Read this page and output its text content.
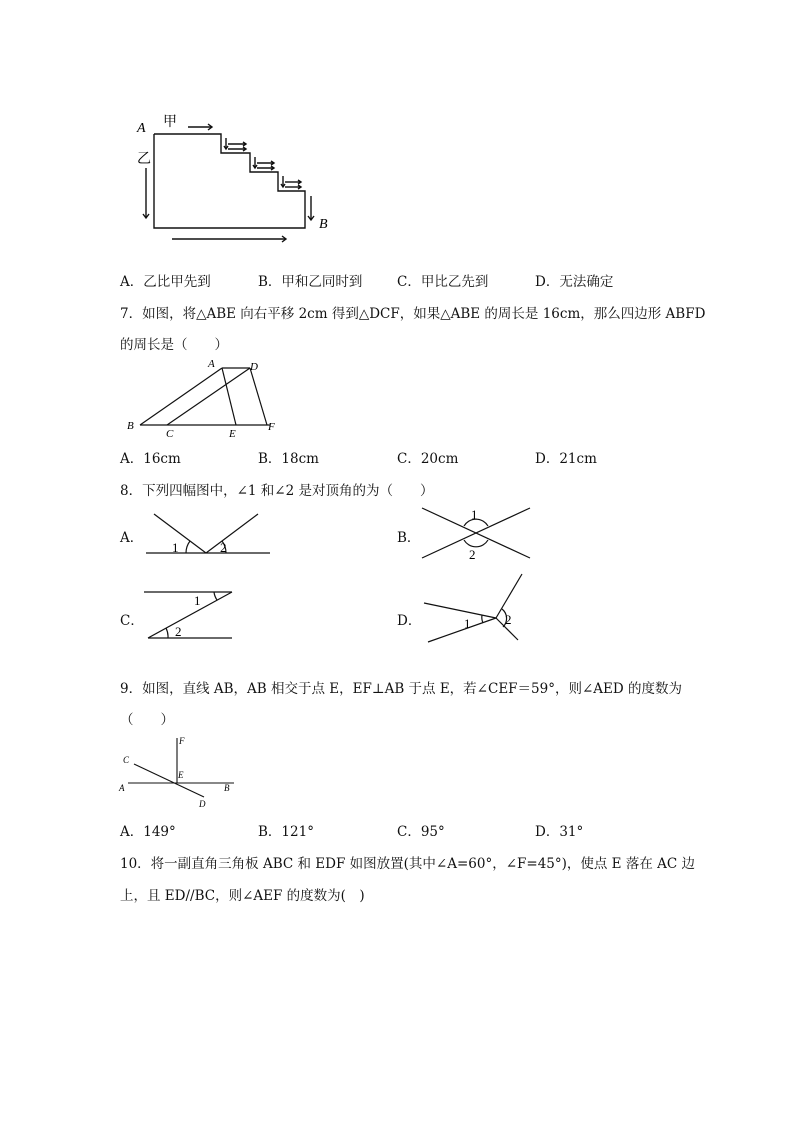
A 甲
乙
B
A．乙比甲先到	B．甲和乙同时到	C．甲比乙先到	D．无法确定
7．如图，将△ABE 向右平移 2cm 得到△DCF，如果△ABE 的周长是 16cm，那么四边形 ABFD
的周长是（　　）
A	D
B
C	E
F
A．16cm	B．18cm	C．20cm	D．21cm
8．下列四幅图中，∠1 和∠2 是对顶角的为（　　）
A．
1	2
B．
1
2
C．
1
2
D．	1	2
9．如图，直线 AB，AB 相交于点 E，EF⊥AB 于点 E，若∠CEF＝59°，则∠AED 的度数为
（　　）
F
C
E
A	B
D
A．149°	B．121°	C．95°	D．31°
10．将一副直角三角板 ABC 和 EDF 如图放置(其中∠A=60°，∠F=45°)，使点 E 落在 AC 边
上，且 ED//BC，则∠AEF 的度数为(　)
